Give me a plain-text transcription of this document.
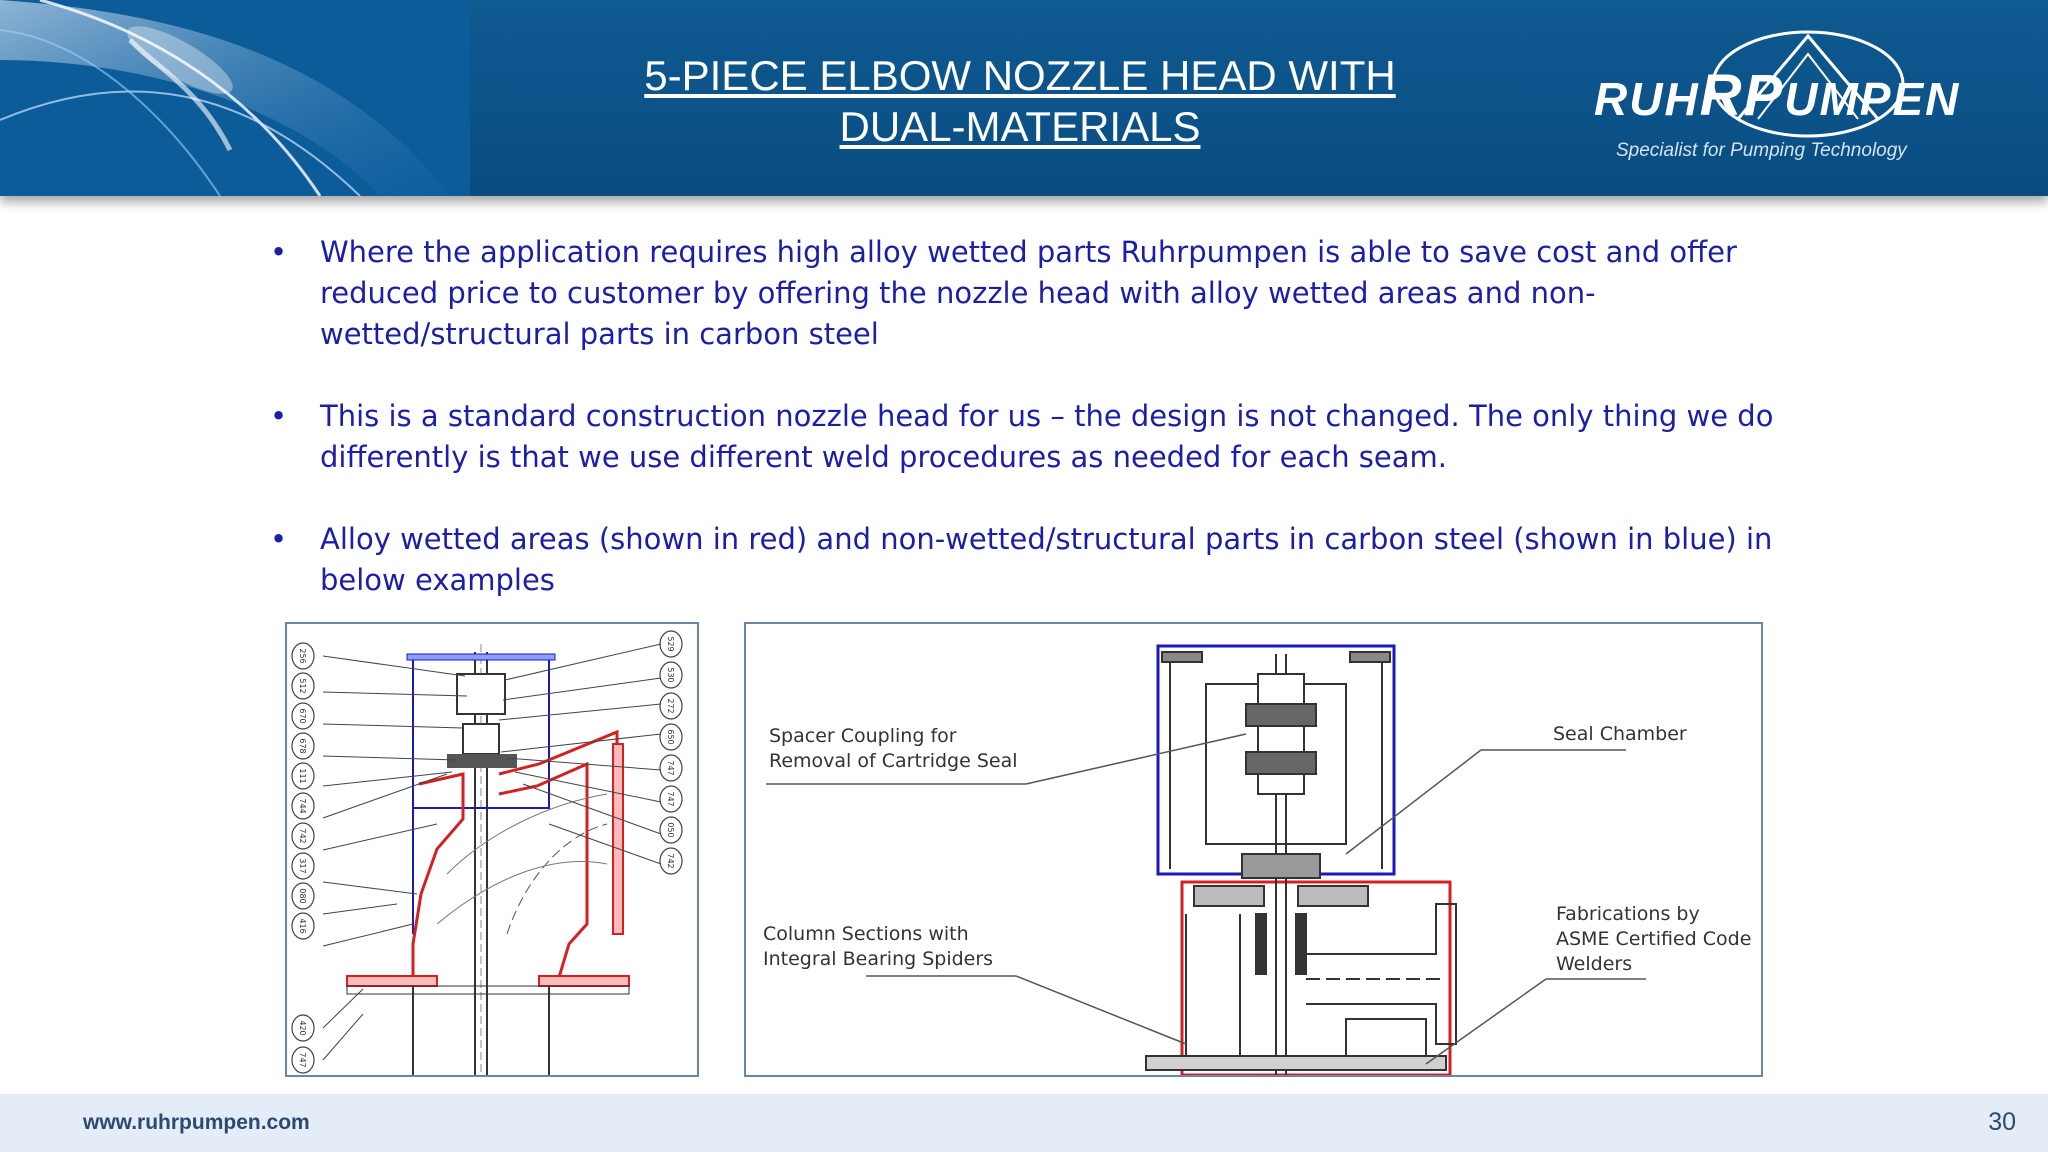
5-PIECE ELBOW NOZZLE HEAD WITH
DUAL-MATERIALS
RUHRPUMPEN
Specialist for Pumping Technology
• Where the application requires high alloy wetted parts Ruhrpumpen is able to save cost and offer reduced price to customer by offering the nozzle head with alloy wetted areas and non-wetted/structural parts in carbon steel
• This is a standard construction nozzle head for us – the design is not changed. The only thing we do differently is that we use different weld procedures as needed for each seam.
• Alloy wetted areas (shown in red) and non-wetted/structural parts in carbon steel (shown in blue) in below examples
256
512
670
678
111
744
742
317
080
416
420
747
529
530
272
650
747
747
050
742
Spacer Coupling for
Removal of Cartridge Seal
Seal Chamber
Column Sections with
Integral Bearing Spiders
Fabrications by
ASME Certified Code
Welders
www.ruhrpumpen.com	30
